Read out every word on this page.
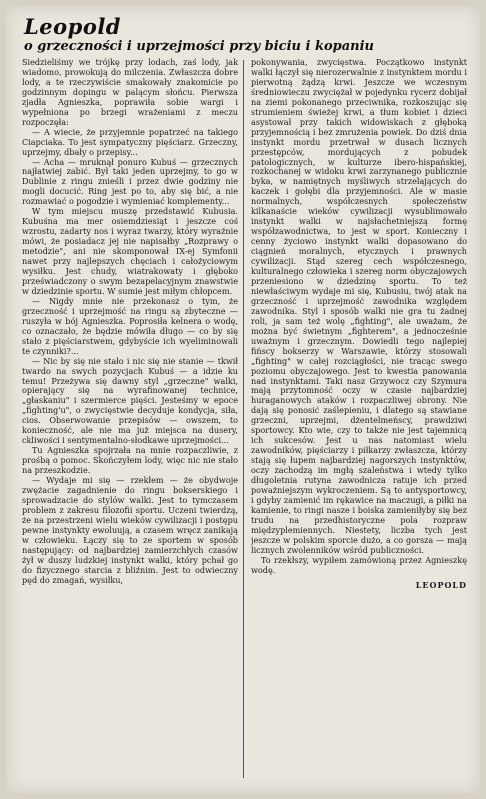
Leopold
o grzeczności i uprzejmości przy biciu i kopaniu

Siedzieliśmy we trójkę przy lodach, zaś lody, jak wiadomo, prowokują do milczenia. Zwłaszcza dobre lody, a te rzeczywiście smakowały znakomicie po godzinnym dopingu w palącym słońcu. Pierwsza zjadła Agnieszka, poprawiła sobie wargi i wypełniona po brzegi wrażeniami z meczu rozpoczęła:

— A wiecie, że przyjemnie popatrzeć na takiego Ciapciaka. To jest sympatyczny pięściarz. Grzeczny, uprzejmy, dbały o przepisy...

— Acha — mruknął ponuro Kubuś — grzecznych najłatwiej zabić. Był taki jeden uprzejmy, to go w Dublinie z ringu znieśli i przez dwie godziny nie mogli docucić. Ring jest po to, aby się bić, a nie rozmawiać o pogodzie i wymieniać komplementy...

W tym miejscu muszę przedstawić Kubusia. Kubuśna ma mer osiemdziesiąt i jeszcze coś wzrostu, zadarty nos i wyraz twarzy, który wyraźnie mówi, że posiadacz jej nie napisałby „Rozprawy o metodzie", ani nie skomponował IX-ej Symfonii nawet przy najlepszych chęciach i całożyciowym wysiłku. Jest chudy, wiatrakowaty i głęboko przeświadczony o swym bezapelacyjnym znawstwie w dziedzinie sportu. W sumie jest miłym chłopcem.

— Nigdy mnie nie przekonasz o tym, że grzeczność i uprzejmość na ringu są zbyteczne — ruszyła w bój Agnieszka. Poprosiła kelnera o wodę, co oznaczało, że będzie mówiła długo — co by się stało z pięściarstwem, gdybyście ich wyeliminowali te czynniki?...

— Nic by się nie stało i nic się nie stanie — tkwił twardo na swych pozycjach Kubuś — a idzie ku temu! Przeżywa się dawny styl „grzeczne" walki, opierający się na wyrafinowanej technice, „głaskaniu" i szermierce pięści. Jesteśmy w epoce „fighting'u", o zwycięstwie decyduje kondycja, siła, cios. Obserwowanie przepisów — owszem, to konieczność, ale nie ma już miejsca na dusery, ckliwości i sentymentalno-słodkawe uprzejmości...

Tu Agnieszka spojrzała na mnie rozpaczliwie, z prośbą o pomoc. Skończyłem lody, więc nic nie stało na przeszkodzie.

— Wydaje mi się — rzekłem — że obydwoje zwężacie zagadnienie do ringu bokserskiego i sprowadzacie do stylów walki. Jest to tymczasem problem z zakresu filozofii sportu. Uczeni twierdzą, że na przestrzeni wielu wieków cywilizacji i postępu pewne instynkty ewoluują, a czasem wręcz zanikają w człowieku. Łączy się to ze sportem w sposób następujący: od najbardziej zamierzchłych czasów żył w duszy ludzkiej instynkt walki, który pchał go do fizycznego starcia z bliźnim. Jest to odwieczny pęd do zmagań, wysiłku,

pokonywania, zwycięstwa. Początkowo instynkt walki łączył się nierozerwalnie z instynktem mordu i pierwotną żądzą krwi. Jeszcze we wczesnym średniowieczu zwyciężał w pojedynku rycerz dobijał na ziemi pokonanego przeciwnika, rozkoszując się strumieniem świeżej krwi, a tłum kobiet i dzieci asystował przy takich widowiskach z głęboką przyjemnością i bez zmrużenia powiek. Do dziś dnia instynkt mordu przetrwał w dusach licznych przestępców, mordujących z pobudek patologicznych, w kulturze ibero-hispańskiej, rozkochanej w widoku krwi zarzynanego publicznie byka, w namiętnych myśliwych strzelających do kaczek i gołębi dla przyjemności. Ale w masie normalnych, współczesnych społeczeństw kilkanaście wieków cywilizacji wysublimowało instynkt walki w najsłachetniejszą formę współzawodnictwa, to jest w sport. Konieczny i cenny życiowo instynkt walki dopasowano do ciągnień moralnych, etycznych i prawnych cywilizacji. Stąd szereg cech współczesnego, kulturalnego człowieka i szereg norm obyczajowych przeniesiono w dziedzinę sportu. To też niewłaściwym wydaje mi się, Kubusiu, twój atak na grzeczność i uprzejmość zawodnika względem zawodnika. Styl i sposób walki nie gra tu żadnej roli, ja sam też wolę „fighting", ale uważam, że można być świetnym „fighterem", a jednocześnie uważnym i grzecznym. Dowiedli tego najlepiej fińscy bokserzy w Warszawie, którzy stosowali „fighting" w całej rozciągłości, nie tracąc swego poziomu obyczajowego. Jest to kwestia panowania nad instynktami. Taki nasz Grzywocz czy Szymura mają przytomność oczy w czasie najbardziej huraganowych ataków i rozpaczliwej obrony. Nie dają się ponosić zaślepieniu, i dlatego są stawiane grzeczni, uprzejmi, dżentelmeńscy, prawdziwi sportowcy. Kto wie, czy to także nie jest tajemnicą ich sukcesów. Jest u nas natomiast wielu zawodników, pięściarzy i piłkarzy zwłaszcza, którzy stają się łupem najbardziej nagorszych instynktów, oczy zachodzą im mgłą szaleństwa i wtedy tylko długoletnia rutyna zawodnicza ratuje ich przed poważniejszym wykroczeniem. Są to antysportowcy, i gdyby zamienić im rękawice na maczugi, a piłki na kamienie, to ringi nasze i boiska zamieniłyby się bez trudu na przedhistoryczne pola rozpraw międzyplemiennych. Niestety, liczba tych jest jeszcze w polskim sporcie dużo, a co gorsza — mają licznych zwolenników wśród publiczności.

To rzekłszy, wypiłem zamówioną przez Agnieszkę wodę.

LEOPOLD
